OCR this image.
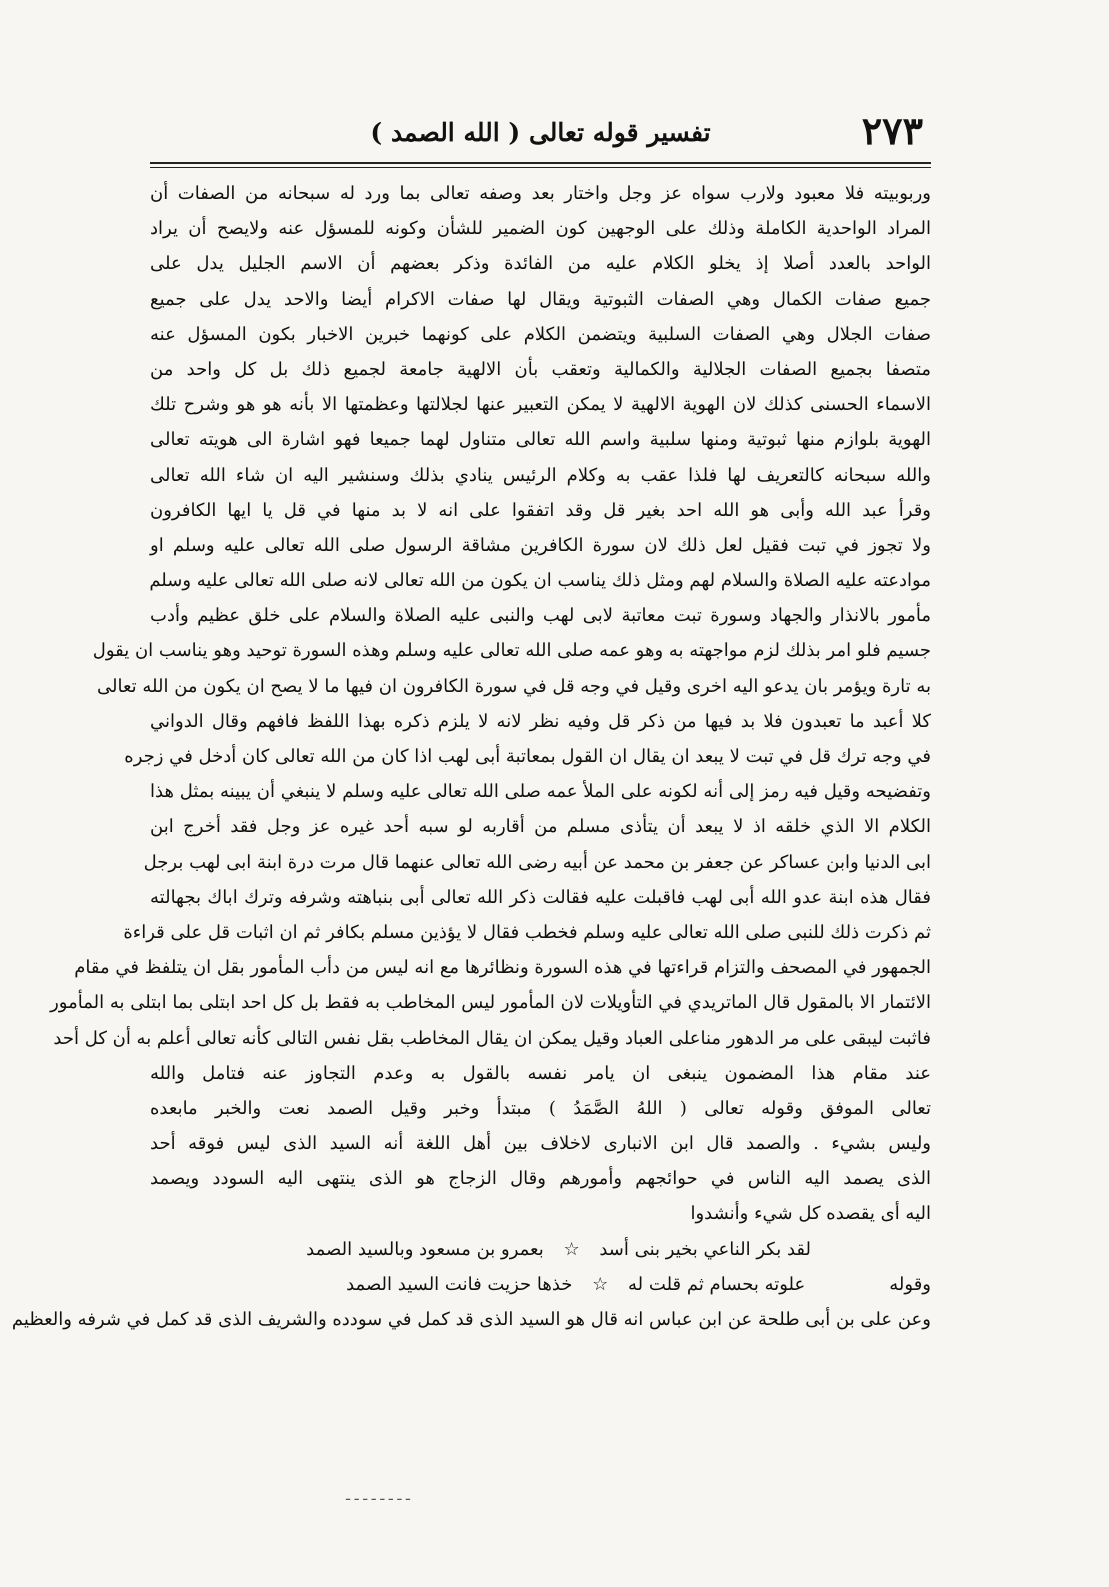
٢٧٣
تفسير قوله تعالى ( الله الصمد )
وربوبيته فلا معبود ولارب سواه عز وجل واختار بعد وصفه تعالى بما ورد له سبحانه من الصفات أن
المراد الواحدية الكاملة وذلك على الوجهين كون الضمير للشأن وكونه للمسؤل عنه ولايصح أن يراد
الواحد بالعدد أصلا إذ يخلو الكلام عليه من الفائدة وذكر بعضهم أن الاسم الجليل يدل على
جميع صفات الكمال وهي الصفات الثبوتية ويقال لها صفات الاكرام أيضا والاحد يدل على جميع
صفات الجلال وهي الصفات السلبية ويتضمن الكلام على كونهما خبرين الاخبار بكون المسؤل عنه
متصفا بجميع الصفات الجلالية والكمالية وتعقب بأن الالهية جامعة لجميع ذلك بل كل واحد من
الاسماء الحسنى كذلك لان الهوية الالهية لا يمكن التعبير عنها لجلالتها وعظمتها الا بأنه هو هو وشرح تلك
الهوية بلوازم منها ثبوتية ومنها سلبية واسم الله تعالى متناول لهما جميعا فهو اشارة الى هويته تعالى
والله سبحانه كالتعريف لها فلذا عقب به وكلام الرئيس ينادي بذلك وسنشير اليه ان شاء الله تعالى
وقرأ عبد الله وأبى هو الله احد بغير قل وقد اتفقوا على انه لا بد منها في قل يا ايها الكافرون
ولا تجوز في تبت فقيل لعل ذلك لان سورة الكافرين مشاقة الرسول صلى الله تعالى عليه وسلم او
موادعته عليه الصلاة والسلام لهم ومثل ذلك يناسب ان يكون من الله تعالى لانه صلى الله تعالى عليه وسلم
مأمور بالانذار والجهاد وسورة تبت معاتبة لابى لهب والنبى عليه الصلاة والسلام على خلق عظيم وأدب
جسيم فلو امر بذلك لزم مواجهته به وهو عمه صلى الله تعالى عليه وسلم وهذه السورة توحيد وهو يناسب ان يقول
به تارة ويؤمر بان يدعو اليه اخرى وقيل في وجه قل في سورة الكافرون ان فيها ما لا يصح ان يكون من الله تعالى
كلا أعبد ما تعبدون فلا بد فيها من ذكر قل وفيه نظر لانه لا يلزم ذكره بهذا اللفظ فافهم وقال الدواني
في وجه ترك قل في تبت لا يبعد ان يقال ان القول بمعاتبة أبى لهب اذا كان من الله تعالى كان أدخل في زجره
وتفضيحه وقيل فيه رمز إلى أنه لكونه على الملأ عمه صلى الله تعالى عليه وسلم لا ينبغي أن يبينه بمثل هذا
الكلام الا الذي خلقه اذ لا يبعد أن يتأذى مسلم من أقاربه لو سبه أحد غيره عز وجل فقد أخرج ابن
ابى الدنيا وابن عساكر عن جعفر بن محمد عن أبيه رضى الله تعالى عنهما قال مرت درة ابنة ابى لهب برجل
فقال هذه ابنة عدو الله أبى لهب فاقبلت عليه فقالت ذكر الله تعالى أبى بنباهته وشرفه وترك اباك بجهالته
ثم ذكرت ذلك للنبى صلى الله تعالى عليه وسلم فخطب فقال لا يؤذين مسلم بكافر ثم ان اثبات قل على قراءة
الجمهور في المصحف والتزام قراءتها في هذه السورة ونظائرها مع انه ليس من دأب المأمور بقل ان يتلفظ في مقام
الائتمار الا بالمقول قال الماتريدي في التأويلات لان المأمور ليس المخاطب به فقط بل كل احد ابتلى بما ابتلى به المأمور
فاثبت ليبقى على مر الدهور مناعلى العباد وقيل يمكن ان يقال المخاطب بقل نفس التالى كأنه تعالى أعلم به أن كل أحد
عند مقام هذا المضمون ينبغى ان يامر نفسه بالقول به وعدم التجاوز عنه فتامل والله
تعالى الموفق وقوله تعالى ( اللهُ الصَّمَدُ ) مبتدأ وخبر وقيل الصمد نعت والخبر مابعده
وليس بشيء . والصمد قال ابن الانبارى لاخلاف بين أهل اللغة أنه السيد الذى ليس فوقه أحد
الذى يصمد اليه الناس في حوائجهم وأمورهم وقال الزجاج هو الذى ينتهى اليه السودد ويصمد
اليه أى يقصده كل شيء وأنشدوا
لقد بكر الناعي بخير بنى أسد ☆ بعمرو بن مسعود وبالسيد الصمد
وقوله علوته بحسام ثم قلت له ☆ خذها حزيت فانت السيد الصمد
وعن على بن أبى طلحة عن ابن عباس انه قال هو السيد الذى قد كمل في سودده والشريف الذى قد كمل في شرفه والعظيم
ـ ـ ـ ـ ـ ـ ـ ـ
